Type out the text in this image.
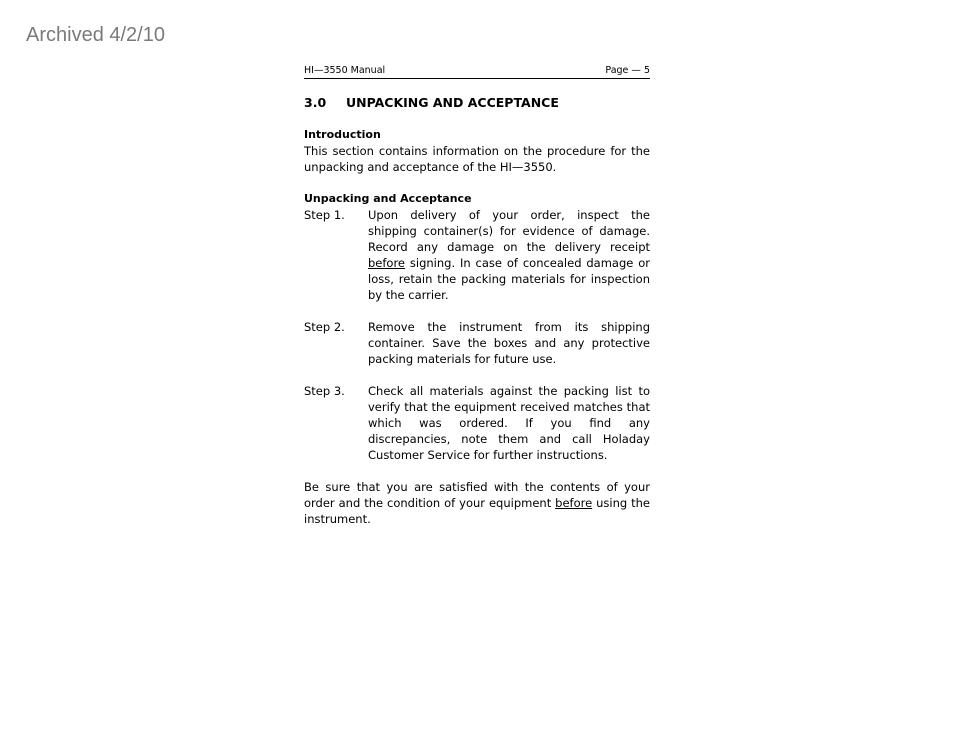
Archived 4/2/10
HI—3550 Manual	Page — 5
3.0	UNPACKING AND ACCEPTANCE
Introduction

This section contains information on the procedure for the unpacking and acceptance of the HI—3550.

Unpacking and Acceptance
Step 1.	Upon delivery of your order, inspect the shipping container(s) for evidence of damage. Record any damage on the delivery receipt before signing. In case of concealed damage or loss, retain the packing materials for inspection by the carrier.
Step 2.	Remove the instrument from its shipping container. Save the boxes and any protective packing materials for future use.
Step 3.	Check all materials against the packing list to verify that the equipment received matches that which was ordered. If you find any discrepancies, note them and call Holaday Customer Service for further instructions.

Be sure that you are satisfied with the contents of your order and the condition of your equipment before using the instrument.
